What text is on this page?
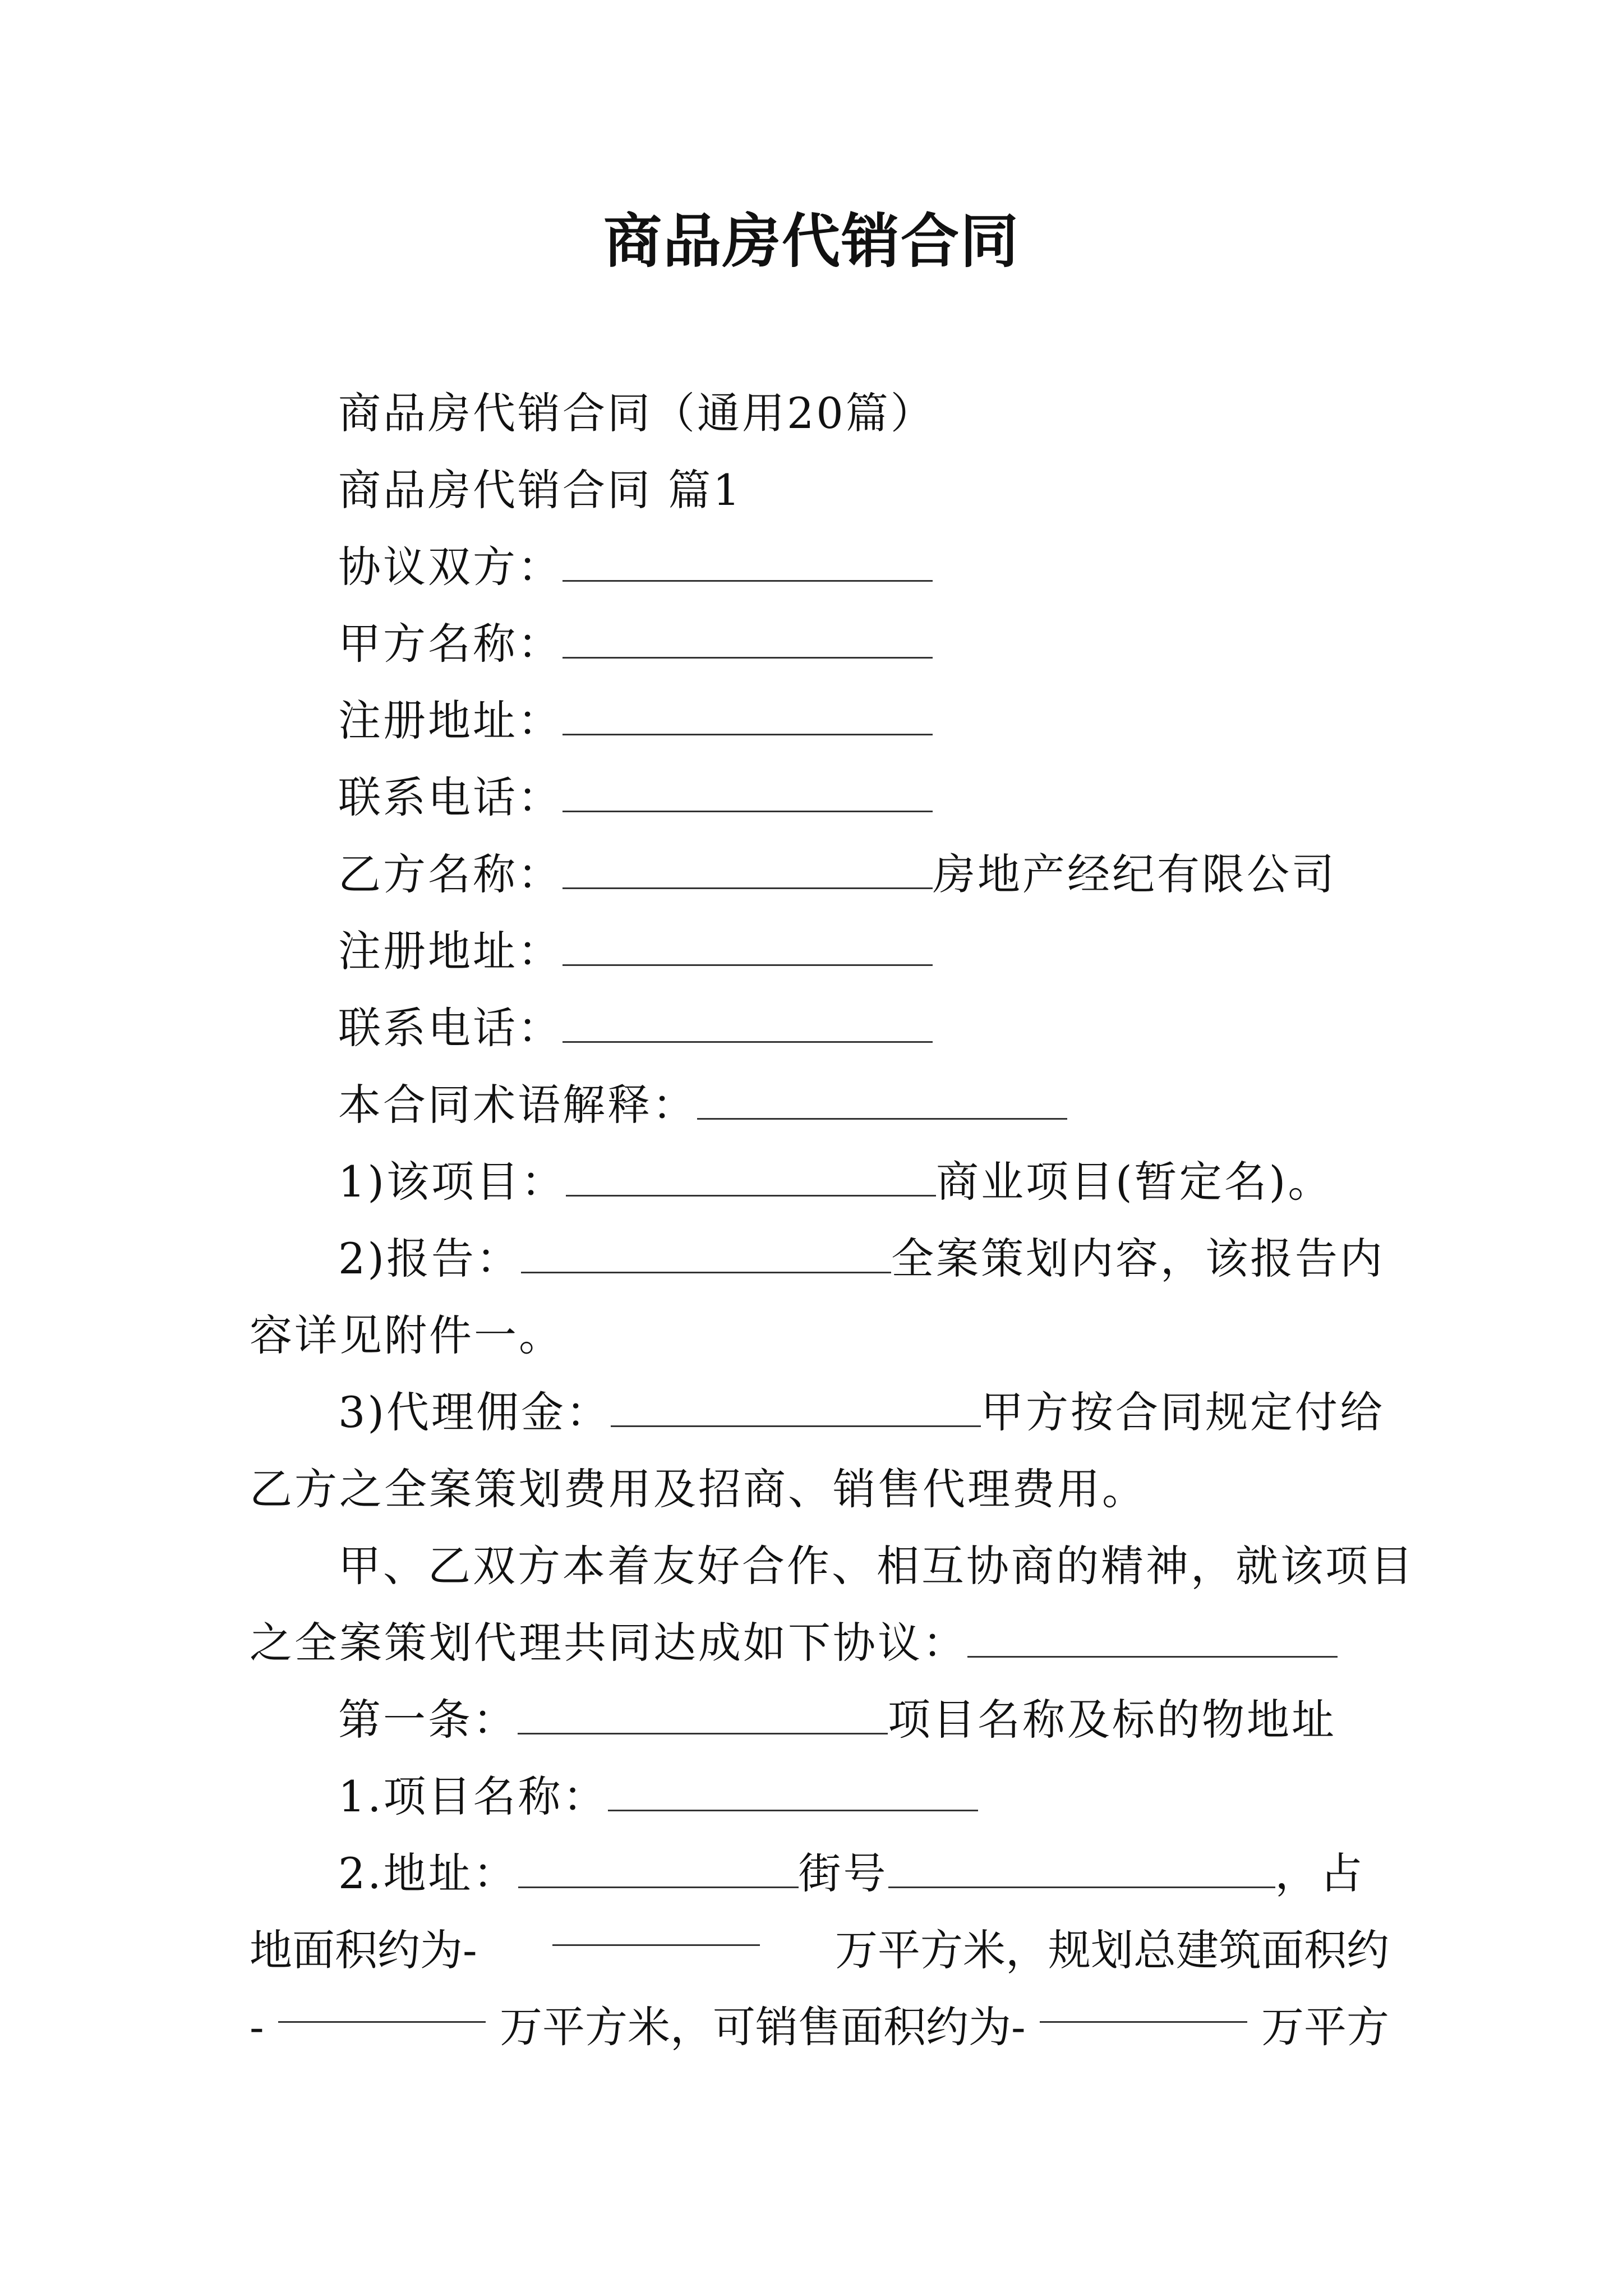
商品房代销合同
商品房代销合同（通用20篇）
商品房代销合同 篇1
协议双方：
甲方名称：
注册地址：
联系电话：
乙方名称：	房地产经纪有限公司
注册地址：
联系电话：
本合同术语解释：
1)该项目：	商业项目(暂定名)。
2)报告：	全案策划内容，该报告内
容详见附件一。
3)代理佣金：	甲方按合同规定付给
乙方之全案策划费用及招商、销售代理费用。
甲、乙双方本着友好合作、相互协商的精神，就该项目
之全案策划代理共同达成如下协议：
第一条：	项目名称及标的物地址
1.项目名称：
2.地址：	街号	，占
地面积约为-	万平方米，规划总建筑面积约
-	万平方米，可销售面积约为-	万平方
